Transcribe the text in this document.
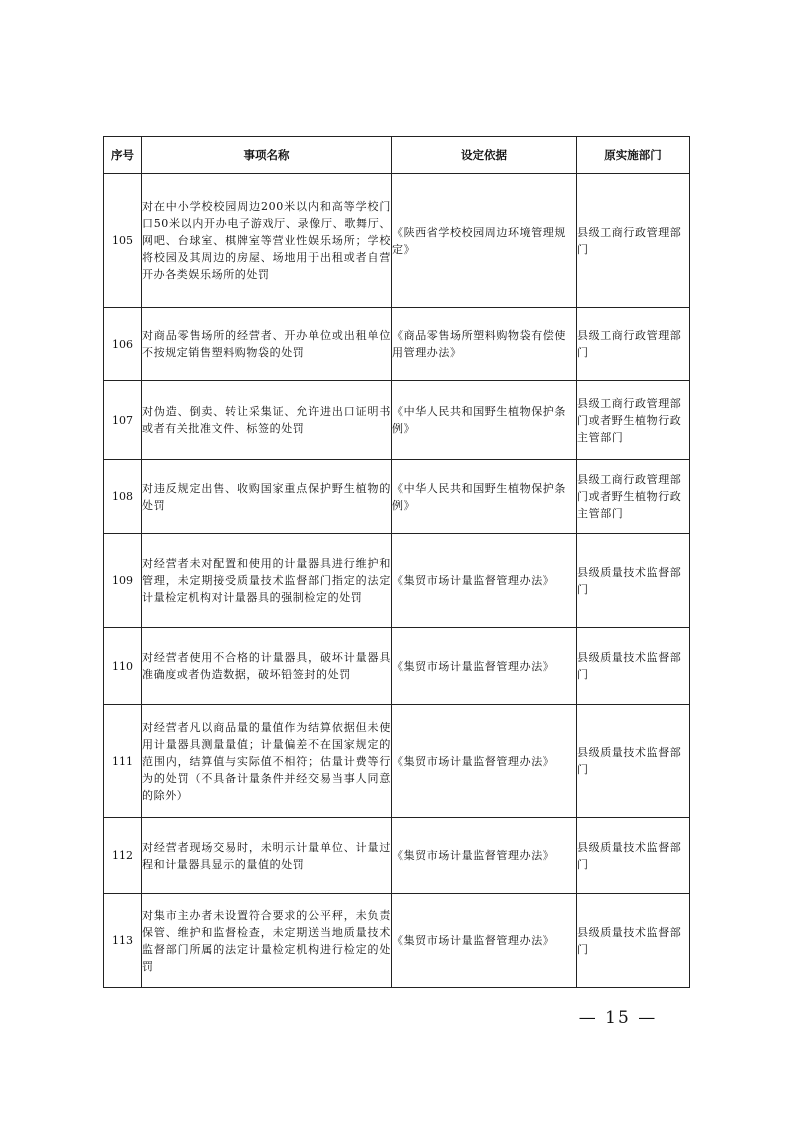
序号	事项名称	设定依据	原实施部门
105	对在中小学校校园周边200米以内和高等学校门口50米以内开办电子游戏厅、录像厅、歌舞厅、网吧、台球室、棋牌室等营业性娱乐场所；学校将校园及其周边的房屋、场地用于出租或者自营开办各类娱乐场所的处罚	《陕西省学校校园周边环境管理规定》	县级工商行政管理部门
106	对商品零售场所的经营者、开办单位或出租单位不按规定销售塑料购物袋的处罚	《商品零售场所塑料购物袋有偿使用管理办法》	县级工商行政管理部门
107	对伪造、倒卖、转让采集证、允许进出口证明书或者有关批准文件、标签的处罚	《中华人民共和国野生植物保护条例》	县级工商行政管理部门或者野生植物行政主管部门
108	对违反规定出售、收购国家重点保护野生植物的处罚	《中华人民共和国野生植物保护条例》	县级工商行政管理部门或者野生植物行政主管部门
109	对经营者未对配置和使用的计量器具进行维护和管理，未定期接受质量技术监督部门指定的法定计量检定机构对计量器具的强制检定的处罚	《集贸市场计量监督管理办法》	县级质量技术监督部门
110	对经营者使用不合格的计量器具，破坏计量器具准确度或者伪造数据，破坏铅签封的处罚	《集贸市场计量监督管理办法》	县级质量技术监督部门
111	对经营者凡以商品量的量值作为结算依据但未使用计量器具测量量值；计量偏差不在国家规定的范围内，结算值与实际值不相符；估量计费等行为的处罚（不具备计量条件并经交易当事人同意的除外）	《集贸市场计量监督管理办法》	县级质量技术监督部门
112	对经营者现场交易时，未明示计量单位、计量过程和计量器具显示的量值的处罚	《集贸市场计量监督管理办法》	县级质量技术监督部门
113	对集市主办者未设置符合要求的公平秤，未负责保管、维护和监督检查，未定期送当地质量技术监督部门所属的法定计量检定机构进行检定的处罚	《集贸市场计量监督管理办法》	县级质量技术监督部门
— 15 —
